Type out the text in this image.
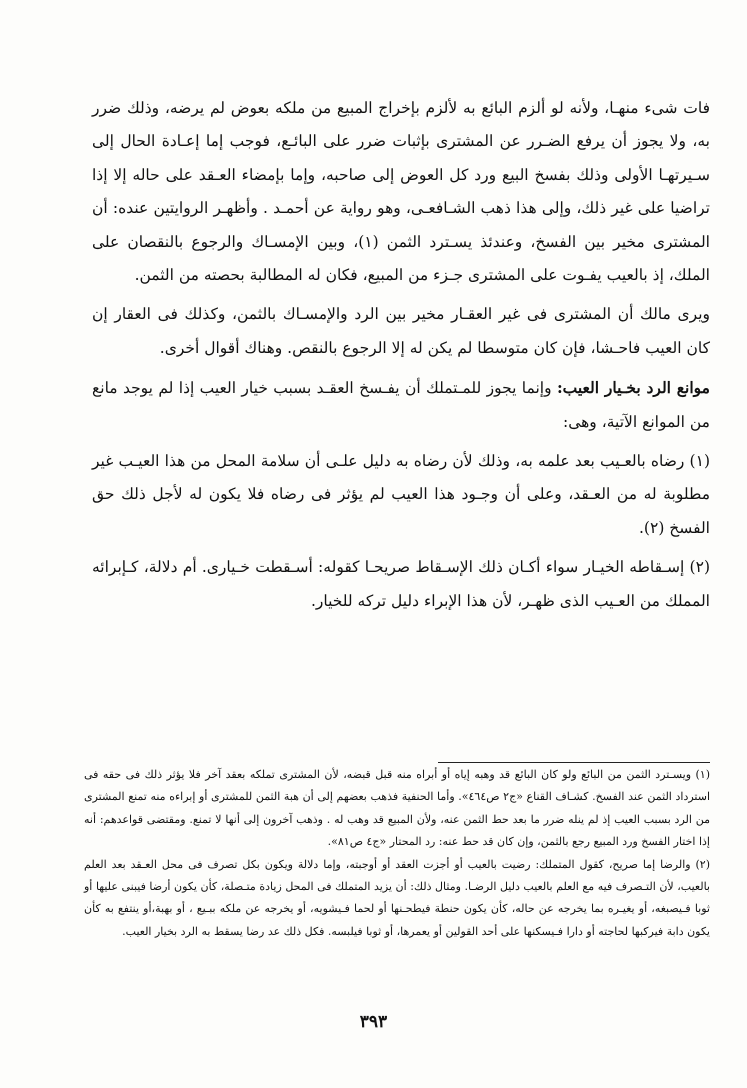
فات شىء منهـا، ولأنه لو ألزم البائع به لألزم بإخراج المبيع من ملكه بعوض لم يرضه، وذلك ضرر به، ولا يجوز أن يرفع الضـرر عن المشترى بإثبات ضرر على البائـع، فوجب إما إعـادة الحال إلى سـيرتهـا الأولى وذلك بفسخ البيع ورد كل العوض إلى صاحبه، وإما بإمضاء العـقد على حاله إلا إذا تراضيا على غير ذلك، وإلى هذا ذهب الشـافعـى، وهو رواية عن أحمـد . وأظهـر الروايتين عنده: أن المشترى مخير بين الفسخ، وعندئذ يسـترد الثمن (١)، وبين الإمسـاك والرجوع بالنقصان على الملك، إذ بالعيب يفـوت على المشترى جـزء من المبيع، فكان له المطالبة بحصته من الثمن.

ويرى مالك أن المشترى فى غير العقـار مخير بين الرد والإمسـاك بالثمن، وكذلك فى العقار إن كان العيب فاحـشا، فإن كان متوسطا لم يكن له إلا الرجوع بالنقص. وهناك أقوال أخرى.

موانع الرد بخـيار العيب: وإنما يجوز للمـتملك أن يفـسخ العقـد بسبب خيار العيب إذا لم يوجد مانع من الموانع الآتية، وهى:

(١) رضاه بالعـيب بعد علمه به، وذلك لأن رضاه به دليل علـى أن سلامة المحل من هذا العيـب غير مطلوبة له من العـقد، وعلى أن وجـود هذا العيب لم يؤثر فى رضاه فلا يكون له لأجل ذلك حق الفسخ (٢).

(٢) إسـقاطه الخيـار سواء أكـان ذلك الإسـقاط صريحـا كقوله: أسـقطت خـيارى. أم دلالة، كـإبرائه المملك من العـيب الذى ظهـر، لأن هذا الإبراء دليل تركه للخيار.

(١) ويسـترد الثمن من البائع ولو كان البائع قد وهبه إياه أو أبراه منه قبل قبضه، لأن المشترى تملكه بعقد آخر فلا يؤثر ذلك فى حقه فى استرداد الثمن عند الفسخ. كشـاف القناع «ج٢ ص٤٦٤». وأما الحنفية فذهب بعضهم إلى أن هبة الثمن للمشترى أو إبراءه منه تمنع المشترى من الرد بسبب العيب إذ لم ينله ضرر ما بعد حط الثمن عنه، ولأن المبيع قد وهب له . وذهب آخرون إلى أنها لا تمنع. ومقتضى قواعدهم: أنه إذا اختار الفسخ ورد المبيع رجع بالثمن، وإن كان قد حط عنه: رد المحتار «ج٤ ص٨١».

(٢) والرضا إما صريح، كقول المتملك: رضيت بالعيب أو أجزت العقد أو أوجبته، وإما دلالة ويكون بكل تصرف فى محل العـقد بعد العلم بالعيب، لأن التـصرف فيه مع العلم بالعيب دليل الرضـا. ومثال ذلك: أن يزيد المتملك فى المحل زيادة متـصلة، كأن يكون أرضا فيبنى عليها أو ثوبا فـيصبغه، أو يغيـره بما يخرجه عن حاله، كأن يكون حنطة فيطحـنها أو لحما فـيشويه، أو يخرجه عن ملكه ببـيع ، أو بهبة،أو ينتفع به كأن يكون دابة فيركبها لحاجته أو دارا فـيسكنها على أحد القولين أو يعمرها، أو ثوبا فيلبسه. فكل ذلك عد رضا يسقط به الرد بخيار العيب.

٣٩٣
